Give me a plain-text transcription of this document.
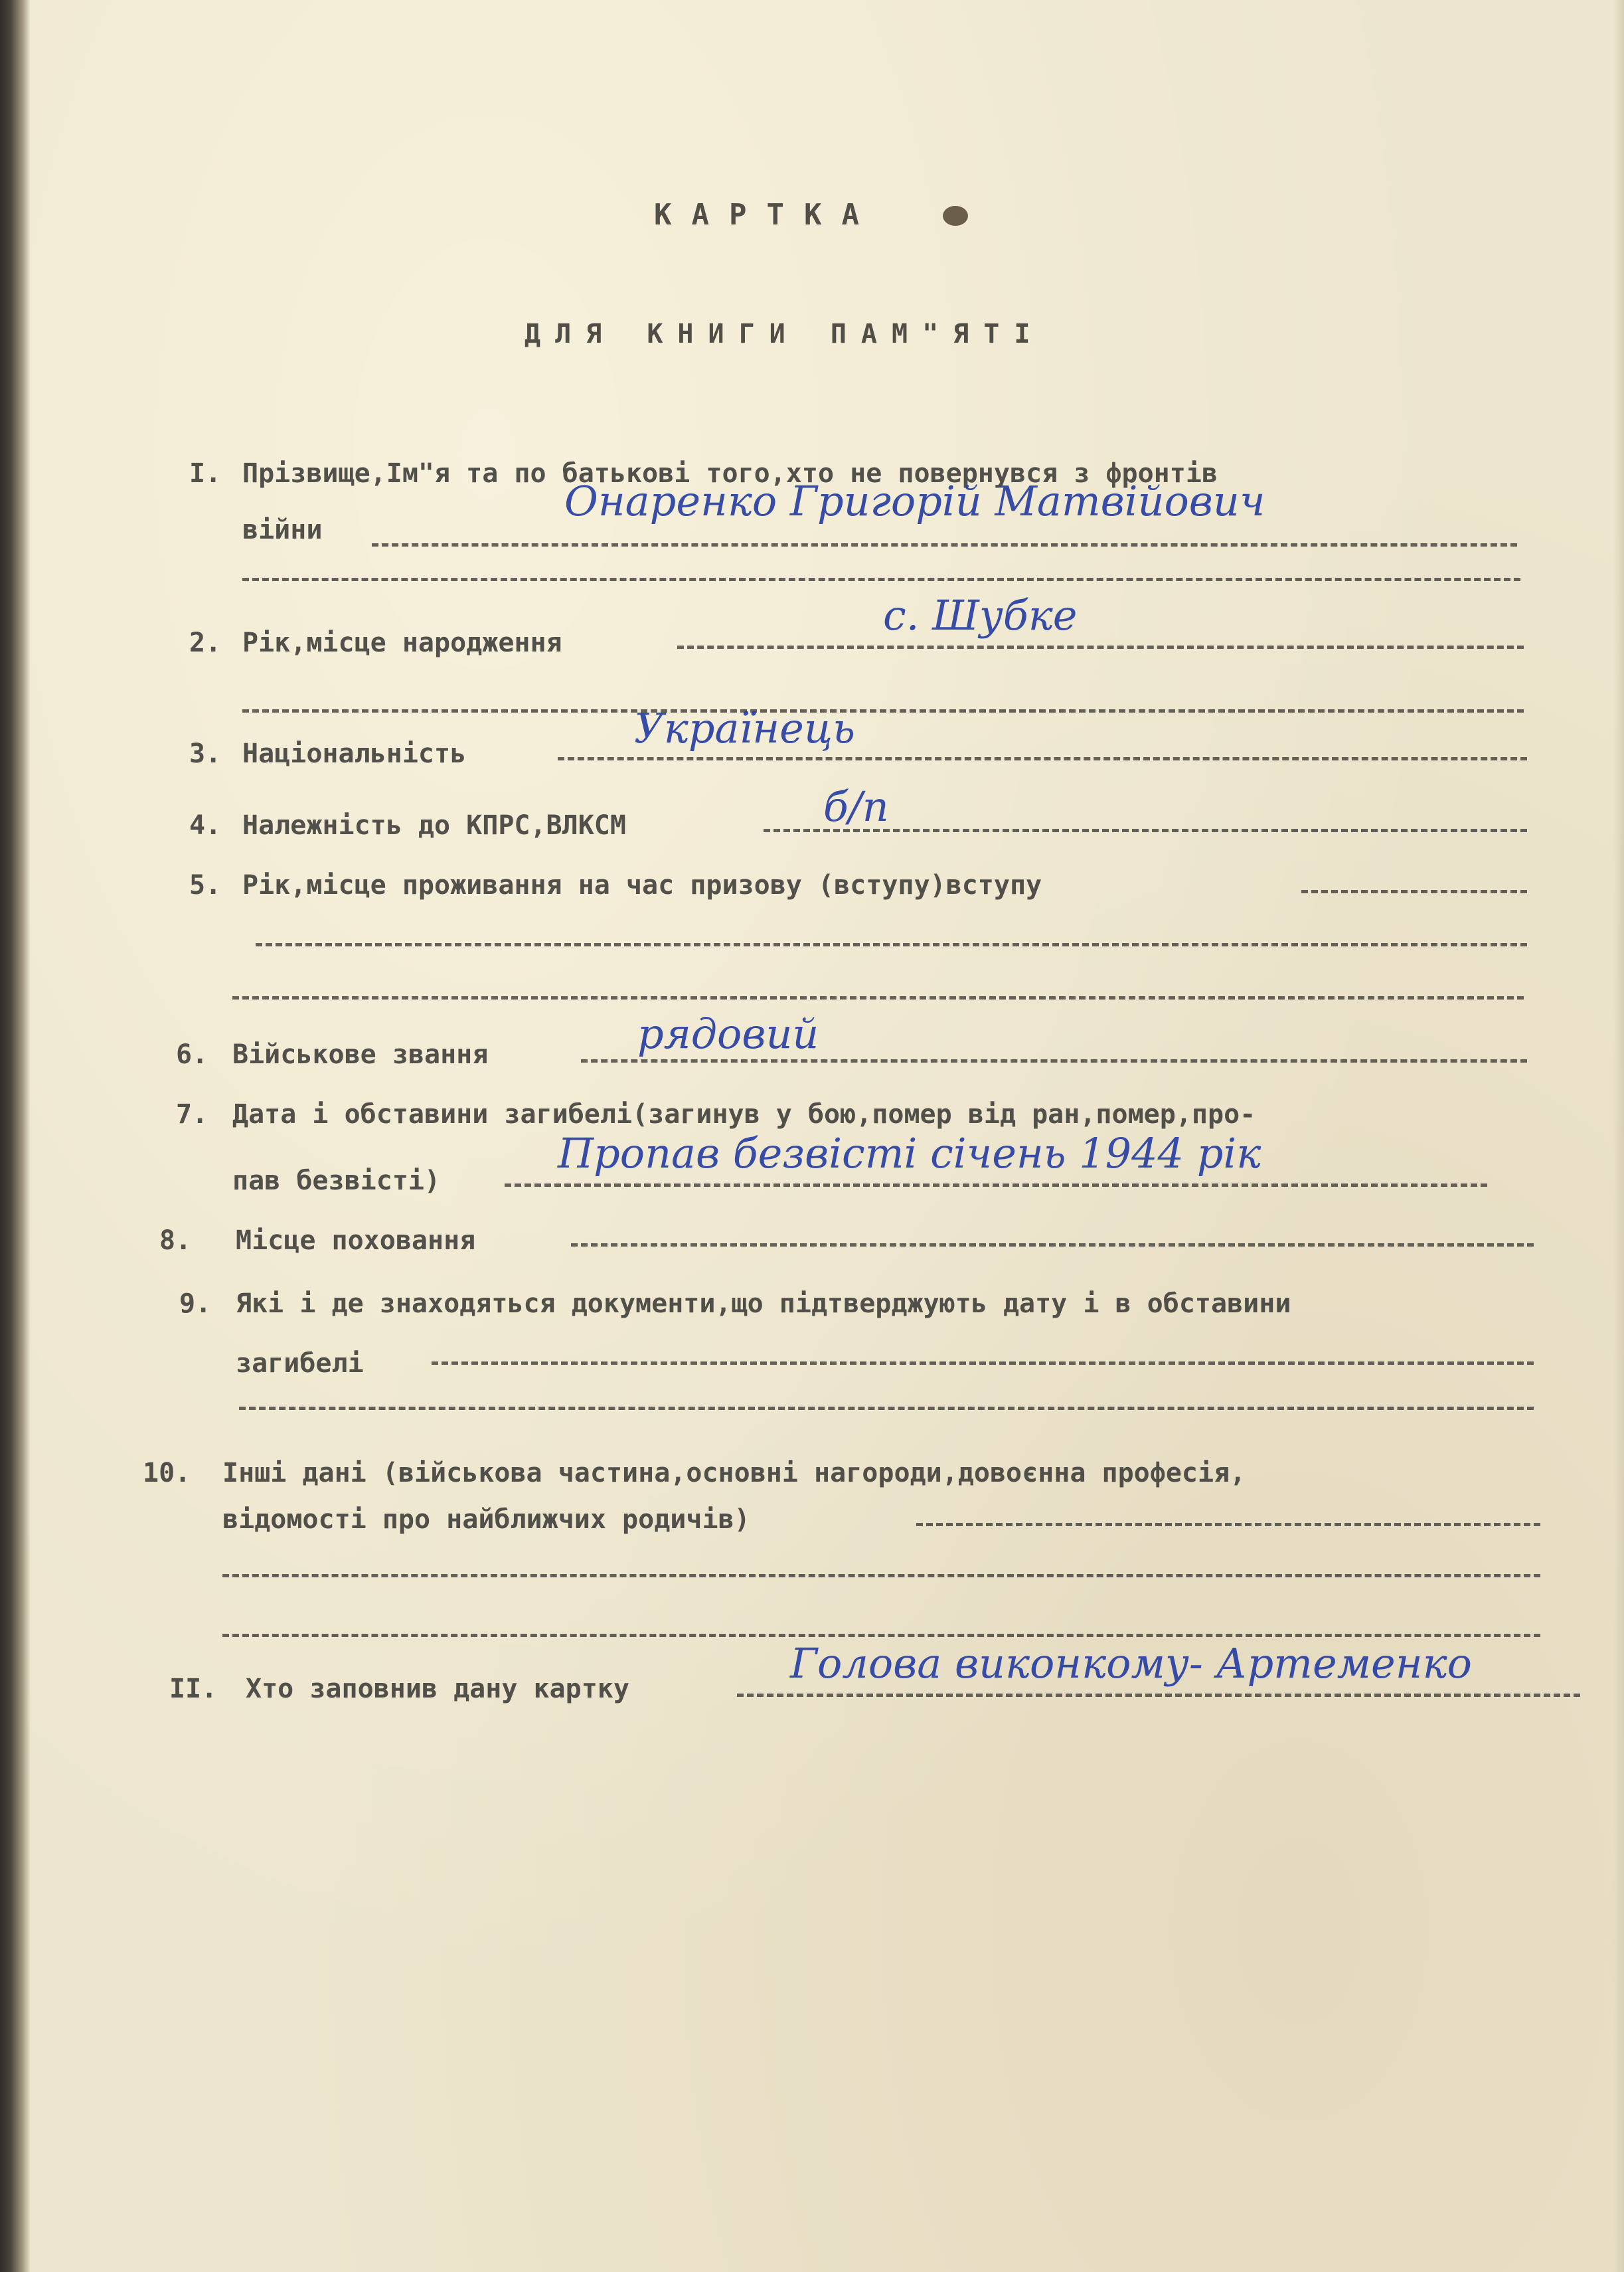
КАРТКА
ДЛЯ КНИГИ ПАМ"ЯТІ
I. Прізвище,Ім"я та по батькові того,хто не повернувся з фронтів
війни
Онаренко Григорій Матвійович
2. Рік,місце народження
с. Шубке
3. Національність
Українець
4. Належність до КПРС,ВЛКСМ	б/п
5. Рік,місце проживання на час призову (вступу)вступу
6. Військове звання	рядовий
7. Дата і обставини загибелі(загинув у бою,помер від ран,помер,про-
пав безвісті)
Пропав безвісті січень 1944 рік
8. Місце поховання
9. Які і де знаходяться документи,що підтверджують дату і в обставини
загибелі
10. Інші дані (військова частина,основні нагороди,довоєнна професія,
відомості про найближчих родичів)
II. Хто заповнив дану картку
Голова виконкому- Артеменко
